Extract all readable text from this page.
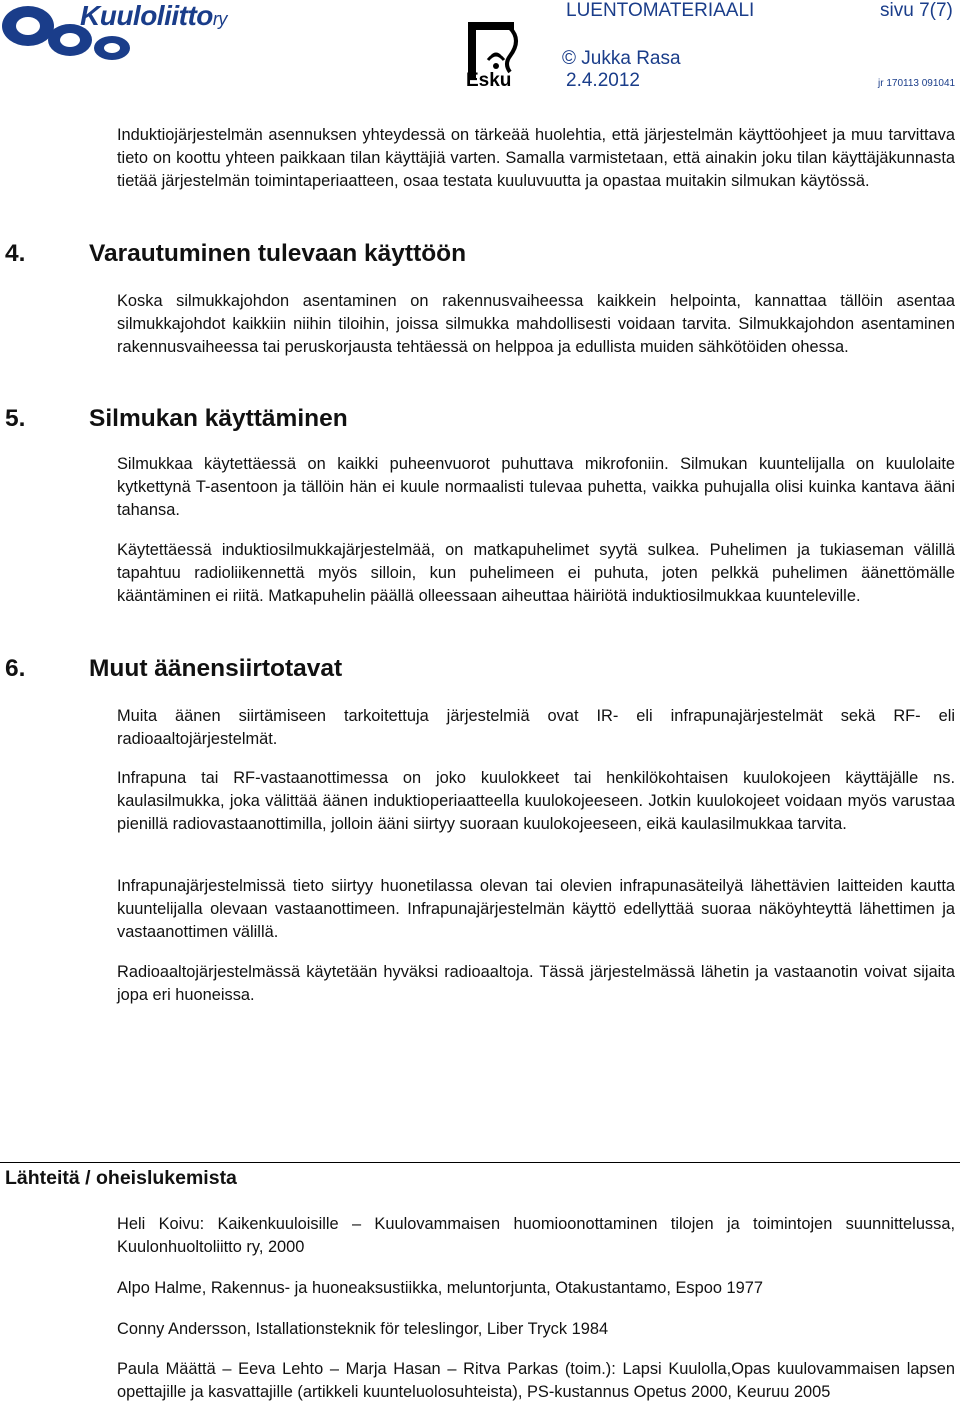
Kuuloliittory
Esku
LUENTOMATERIAALI	sivu 7(7)
© Jukka Rasa
2.4.2012	jr 170113 091041

Induktiojärjestelmän asennuksen yhteydessä on tärkeää huolehtia, että järjestelmän käyttöohjeet ja muu tarvittava tieto on koottu yhteen paikkaan tilan käyttäjiä varten. Samalla varmistetaan, että ainakin joku tilan käyttäjäkunnasta tietää järjestelmän toimintaperiaatteen, osaa testata kuuluvuutta ja opastaa muitakin silmukan käytössä.

4.	Varautuminen tulevaan käyttöön

Koska silmukkajohdon asentaminen on rakennusvaiheessa kaikkein helpointa, kannattaa tällöin asentaa silmukkajohdot kaikkiin niihin tiloihin, joissa silmukka mahdollisesti voidaan tarvita. Silmukkajohdon asentaminen rakennusvaiheessa tai peruskorjausta tehtäessä on helppoa ja edullista muiden sähkötöiden ohessa.

5.	Silmukan käyttäminen

Silmukkaa käytettäessä on kaikki puheenvuorot puhuttava mikrofoniin. Silmukan kuuntelijalla on kuulolaite kytkettynä T-asentoon ja tällöin hän ei kuule normaalisti tulevaa puhetta, vaikka puhujalla olisi kuinka kantava ääni tahansa.

Käytettäessä induktiosilmukkajärjestelmää, on matkapuhelimet syytä sulkea. Puhelimen ja tukiaseman välillä tapahtuu radioliikennettä myös silloin, kun puhelimeen ei puhuta, joten pelkkä puhelimen äänettömälle kääntäminen ei riitä. Matkapuhelin päällä olleessaan aiheuttaa häiriötä induktiosilmukkaa kuunteleville.

6.	Muut äänensiirtotavat

Muita äänen siirtämiseen tarkoitettuja järjestelmiä ovat IR- eli infrapunajärjestelmät sekä RF- eli radioaaltojärjestelmät.

Infrapuna tai RF-vastaanottimessa on joko kuulokkeet tai henkilökohtaisen kuulokojeen käyttäjälle ns. kaulasilmukka, joka välittää äänen induktioperiaatteella kuulokojeeseen. Jotkin kuulokojeet voidaan myös varustaa pienillä radiovastaanottimilla, jolloin ääni siirtyy suoraan kuulokojeeseen, eikä kaulasilmukkaa tarvita.

Infrapunajärjestelmissä tieto siirtyy huonetilassa olevan tai olevien infrapunasäteilyä lähettävien laitteiden kautta kuuntelijalla olevaan vastaanottimeen. Infrapunajärjestelmän käyttö edellyttää suoraa näköyhteyttä lähettimen ja vastaanottimen välillä.

Radioaaltojärjestelmässä käytetään hyväksi radioaaltoja. Tässä järjestelmässä lähetin ja vastaanotin voivat sijaita jopa eri huoneissa.

Lähteitä / oheislukemista

Heli Koivu: Kaikenkuuloisille – Kuulovammaisen huomioonottaminen tilojen ja toimintojen suunnittelussa, Kuulonhuoltoliitto ry, 2000

Alpo Halme, Rakennus- ja huoneaksustiikka, meluntorjunta, Otakustantamo, Espoo 1977

Conny Andersson, Istallationsteknik för teleslingor, Liber Tryck 1984

Paula Määttä – Eeva Lehto – Marja Hasan – Ritva Parkas (toim.): Lapsi Kuulolla,Opas kuulovammaisen lapsen opettajille ja kasvattajille (artikkeli kuunteluolosuhteista), PS-kustannus Opetus 2000, Keuruu 2005
